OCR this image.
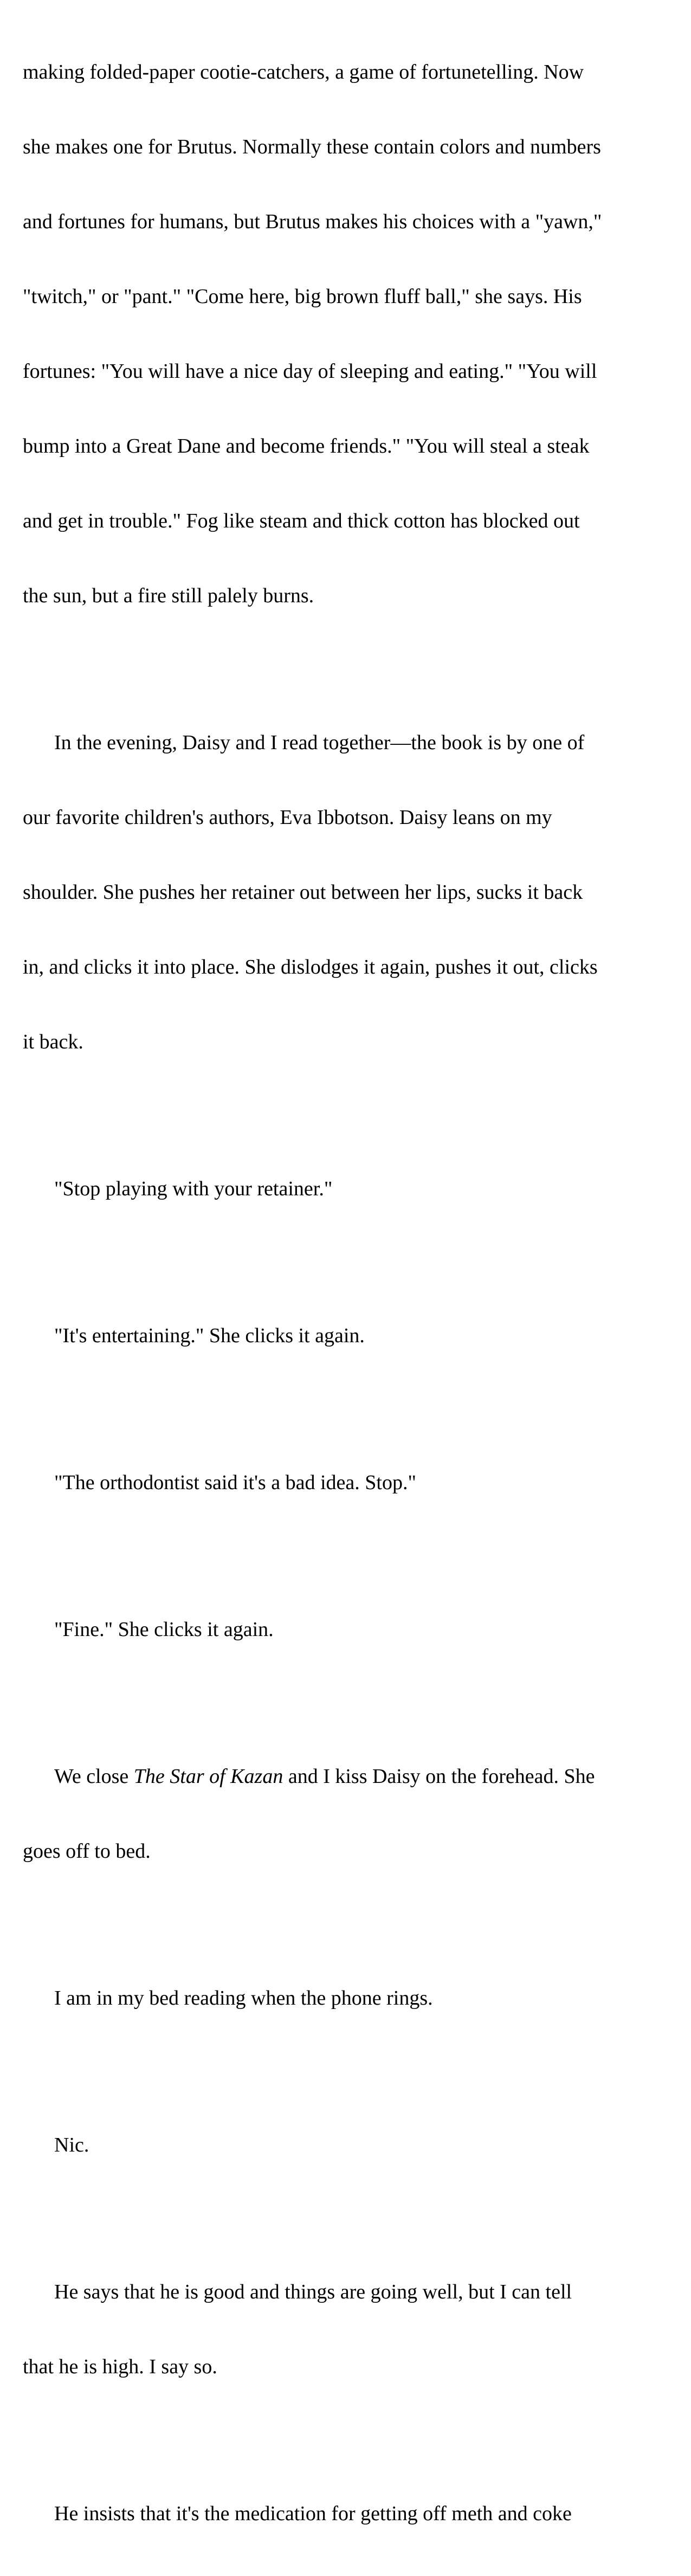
making folded-paper cootie-catchers, a game of fortunetelling. Now

she makes one for Brutus. Normally these contain colors and numbers

and fortunes for humans, but Brutus makes his choices with a "yawn,"

"twitch," or "pant." "Come here, big brown fluff ball," she says. His

fortunes: "You will have a nice day of sleeping and eating." "You will

bump into a Great Dane and become friends." "You will steal a steak

and get in trouble." Fog like steam and thick cotton has blocked out

the sun, but a fire still palely burns.

In the evening, Daisy and I read together—the book is by one of

our favorite children's authors, Eva Ibbotson. Daisy leans on my

shoulder. She pushes her retainer out between her lips, sucks it back

in, and clicks it into place. She dislodges it again, pushes it out, clicks

it back.

"Stop playing with your retainer."

"It's entertaining." She clicks it again.

"The orthodontist said it's a bad idea. Stop."

"Fine." She clicks it again.

We close The Star of Kazan and I kiss Daisy on the forehead. She

goes off to bed.

I am in my bed reading when the phone rings.

Nic.

He says that he is good and things are going well, but I can tell

that he is high. I say so.

He insists that it's the medication for getting off meth and coke
